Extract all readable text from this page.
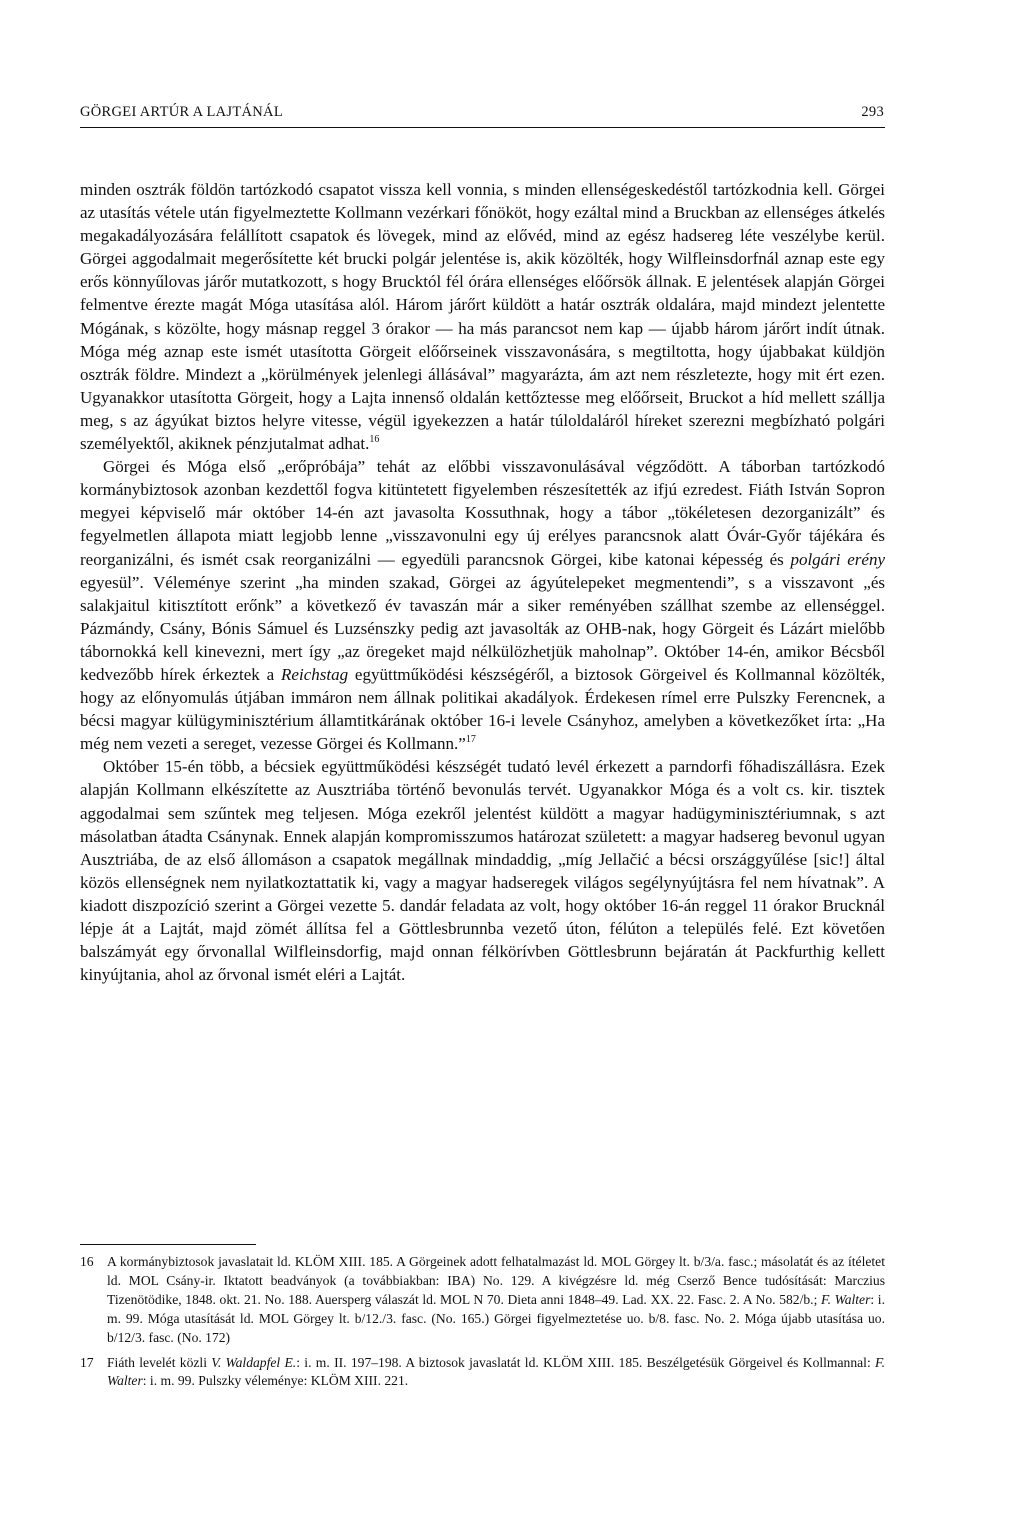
GÖRGEI ARTÚR A LAJTÁNÁL	293

minden osztrák földön tartózkodó csapatot vissza kell vonnia, s minden ellenségeskedéstől tartózkodnia kell. Görgei az utasítás vétele után figyelmeztette Kollmann vezérkari főnököt, hogy ezáltal mind a Bruckban az ellenséges átkelés megakadályozására felállított csapatok és lövegek, mind az elővéd, mind az egész hadsereg léte veszélybe kerül. Görgei aggodalmait megerősítette két brucki polgár jelentése is, akik közölték, hogy Wilfleinsdorfnál aznap este egy erős könnyűlovas járőr mutatkozott, s hogy Brucktól fél órára ellenséges előőrsök állnak. E jelentések alapján Görgei felmentve érezte magát Móga utasítása alól. Három járőrt küldött a határ osztrák oldalára, majd mindezt jelentette Mógának, s közölte, hogy másnap reggel 3 órakor — ha más parancsot nem kap — újabb három járőrt indít útnak. Móga még aznap este ismét utasította Görgeit előőrseinek visszavonására, s megtiltotta, hogy újabbakat küldjön osztrák földre. Mindezt a „körülmények jelenlegi állásával” magyarázta, ám azt nem részletezte, hogy mit ért ezen. Ugyanakkor utasította Görgeit, hogy a Lajta innenső oldalán kettőztesse meg előőrseit, Bruckot a híd mellett szállja meg, s az ágyúkat biztos helyre vitesse, végül igyekezzen a határ túloldaláról híreket szerezni megbízható polgári személyektől, akiknek pénzjutalmat adhat.$^{16}$

Görgei és Móga első „erőpróbája” tehát az előbbi visszavonulásával végződött. A táborban tartózkodó kormánybiztosok azonban kezdettől fogva kitüntetett figyelemben részesítették az ifjú ezredest. Fiáth István Sopron megyei képviselő már október 14-én azt javasolta Kossuthnak, hogy a tábor „tökéletesen dezorganizált” és fegyelmetlen állapota miatt legjobb lenne „visszavonulni egy új erélyes parancsnok alatt Óvár-Győr tájékára és reorganizálni, és ismét csak reorganizálni — egyedüli parancsnok Görgei, kibe katonai képesség és polgári erény egyesül”. Véleménye szerint „ha minden szakad, Görgei az ágyútelepeket megmentendi”, s a visszavont „és salakjaitul kitisztított erőnk” a következő év tavaszán már a siker reményében szállhat szembe az ellenséggel. Pázmándy, Csány, Bónis Sámuel és Luzsénszky pedig azt javasolták az OHB-nak, hogy Görgeit és Lázárt mielőbb tábornokká kell kinevezni, mert így „az öregeket majd nélkülözhetjük maholnap”. Október 14-én, amikor Bécsből kedvezőbb hírek érkeztek a Reichstag együttműködési készségéről, a biztosok Görgeivel és Kollmannal közölték, hogy az előnyomulás útjában immáron nem állnak politikai akadályok. Érdekesen rímel erre Pulszky Ferencnek, a bécsi magyar külügyminisztérium államtitkárának október 16-i levele Csányhoz, amelyben a következőket írta: „Ha még nem vezeti a sereget, vezesse Görgei és Kollmann.”$^{17}$

Október 15-én több, a bécsiek együttműködési készségét tudató levél érkezett a parndorfi főhadiszállásra. Ezek alapján Kollmann elkészítette az Ausztriába történő bevonulás tervét. Ugyanakkor Móga és a volt cs. kir. tisztek aggodalmai sem szűntek meg teljesen. Móga ezekről jelentést küldött a magyar hadügyminisztériumnak, s azt másolatban átadta Csánynak. Ennek alapján kompromisszumos határozat született: a magyar hadsereg bevonul ugyan Ausztriába, de az első állomáson a csapatok megállnak mindaddig, „míg Jellačić a bécsi országgyűlése [sic!] által közös ellenségnek nem nyilatkoztattatik ki, vagy a magyar hadseregek világos segélynyújtásra fel nem hívatnak”. A kiadott diszpozíció szerint a Görgei vezette 5. dandár feladata az volt, hogy október 16-án reggel 11 órakor Brucknál lépje át a Lajtát, majd zömét állítsa fel a Göttlesbrunnba vezető úton, félúton a település felé. Ezt követően balszámyát egy őrvonallal Wilfleinsdorfig, majd onnan félkörívben Göttlesbrunn bejáratán át Packfurthig kellett kinyújtania, ahol az őrvonal ismét eléri a Lajtát.

16 A kormánybiztosok javaslatait ld. KLÖM XIII. 185. A Görgeinek adott felhatalmazást ld. MOL Görgey lt. b/3/a. fasc.; másolatát és az ítéletet ld. MOL Csány-ir. Iktatott beadványok (a továbbiakban: IBA) No. 129. A kivégzésre ld. még Cserző Bence tudósítását: Marczius Tizenötödike, 1848. okt. 21. No. 188. Auersperg válaszát ld. MOL N 70. Dieta anni 1848–49. Lad. XX. 22. Fasc. 2. A No. 582/b.; F. Walter: i. m. 99. Móga utasítását ld. MOL Görgey lt. b/12./3. fasc. (No. 165.) Görgei figyelmeztetése uo. b/8. fasc. No. 2. Móga újabb utasítása uo. b/12/3. fasc. (No. 172)
17 Fiáth levelét közli V. Waldapfel E.: i. m. II. 197–198. A biztosok javaslatát ld. KLÖM XIII. 185. Beszélgetésük Görgeivel és Kollmannal: F. Walter: i. m. 99. Pulszky véleménye: KLÖM XIII. 221.
